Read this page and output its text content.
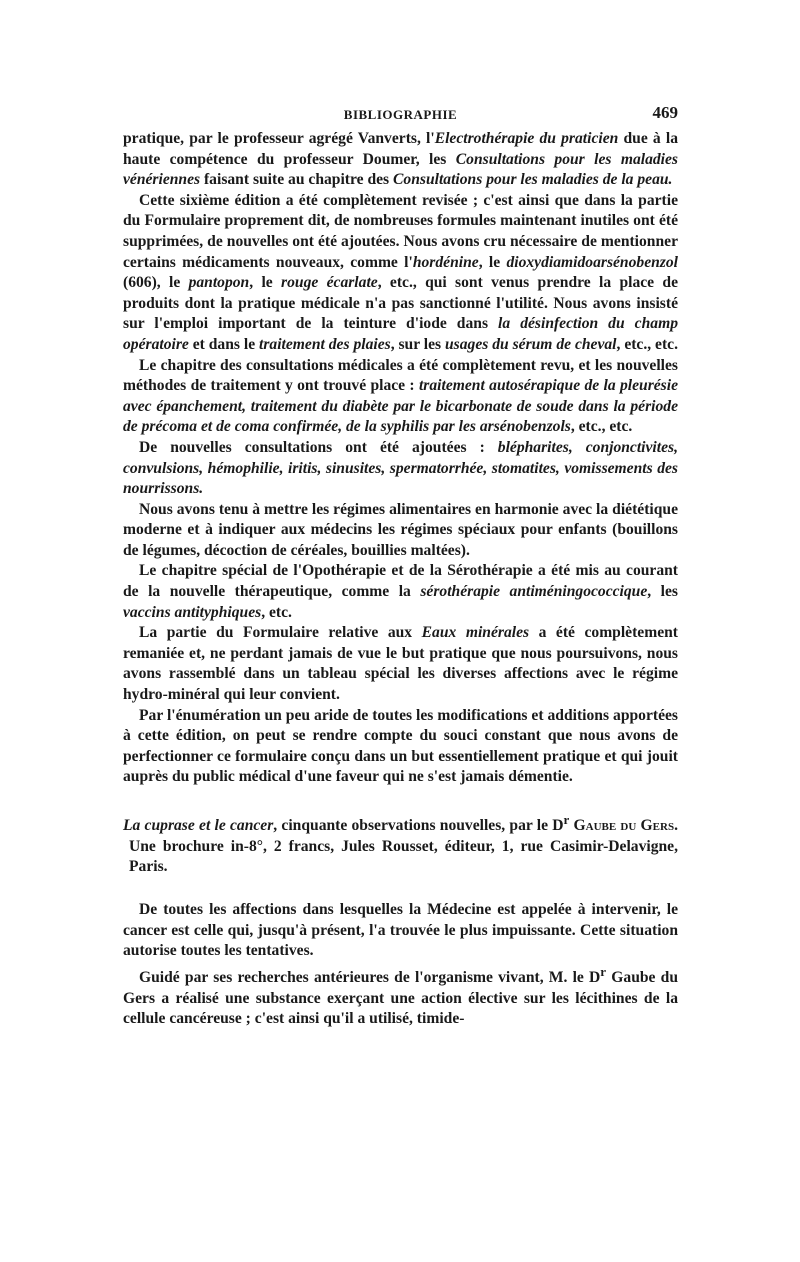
BIBLIOGRAPHIE	469

pratique, par le professeur agrégé Vanverts, l'Electrothérapie du praticien due à la haute compétence du professeur Doumer, les Consultations pour les maladies vénériennes faisant suite au chapitre des Consultations pour les maladies de la peau.

Cette sixième édition a été complètement revisée ; c'est ainsi que dans la partie du Formulaire proprement dit, de nombreuses formules maintenant inutiles ont été supprimées, de nouvelles ont été ajoutées. Nous avons cru nécessaire de mentionner certains médicaments nouveaux, comme l'hordénine, le dioxydiamidoarsénobenzol (606), le pantopon, le rouge écarlate, etc., qui sont venus prendre la place de produits dont la pratique médicale n'a pas sanctionné l'utilité. Nous avons insisté sur l'emploi important de la teinture d'iode dans la désinfection du champ opératoire et dans le traitement des plaies, sur les usages du sérum de cheval, etc., etc.

Le chapitre des consultations médicales a été complètement revu, et les nouvelles méthodes de traitement y ont trouvé place : traitement autosérapique de la pleurésie avec épanchement, traitement du diabète par le bicarbonate de soude dans la période de précoma et de coma confirmée, de la syphilis par les arsénobenzols, etc., etc.

De nouvelles consultations ont été ajoutées : blépharites, conjonctivites, convulsions, hémophilie, iritis, sinusites, spermatorrhée, stomatites, vomissements des nourrissons.

Nous avons tenu à mettre les régimes alimentaires en harmonie avec la diététique moderne et à indiquer aux médecins les régimes spéciaux pour enfants (bouillons de légumes, décoction de céréales, bouillies maltées).

Le chapitre spécial de l'Opothérapie et de la Sérothérapie a été mis au courant de la nouvelle thérapeutique, comme la sérothérapie antiméningococcique, les vaccins antityphiques, etc.

La partie du Formulaire relative aux Eaux minérales a été complètement remaniée et, ne perdant jamais de vue le but pratique que nous poursuivons, nous avons rassemblé dans un tableau spécial les diverses affections avec le régime hydro-minéral qui leur convient.

Par l'énumération un peu aride de toutes les modifications et additions apportées à cette édition, on peut se rendre compte du souci constant que nous avons de perfectionner ce formulaire conçu dans un but essentiellement pratique et qui jouit auprès du public médical d'une faveur qui ne s'est jamais démentie.

La cuprase et le cancer, cinquante observations nouvelles, par le $D^r$ Gaube du Gers. Une brochure in-8°, 2 francs, Jules Rousset, éditeur, 1, rue Casimir-Delavigne, Paris.

De toutes les affections dans lesquelles la Médecine est appelée à intervenir, le cancer est celle qui, jusqu'à présent, l'a trouvée le plus impuissante. Cette situation autorise toutes les tentatives.

Guidé par ses recherches antérieures de l'organisme vivant, M. le $D^r$ Gaube du Gers a réalisé une substance exerçant une action élective sur les lécithines de la cellule cancéreuse ; c'est ainsi qu'il a utilisé, timide-
